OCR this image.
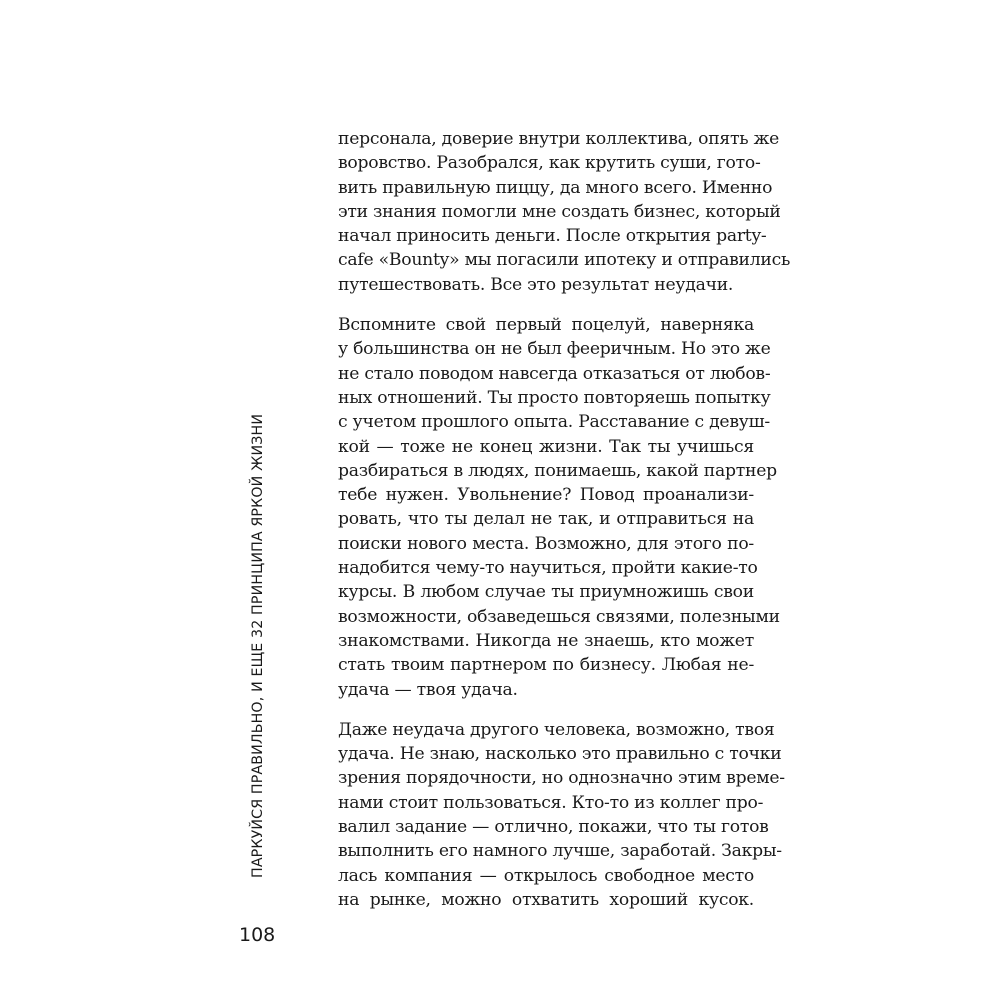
персонала, доверие внутри коллектива, опять же
воровство. Разобрался, как крутить суши, гото-
вить правильную пиццу, да много всего. Именно
эти знания помогли мне создать бизнес, который
начал приносить деньги. После открытия party-
cafe «Bounty» мы погасили ипотеку и отправились
путешествовать. Все это результат неудачи.

Вспомните свой первый поцелуй, наверняка
у большинства он не был фееричным. Но это же
не стало поводом навсегда отказаться от любов-
ных отношений. Ты просто повторяешь попытку
с учетом прошлого опыта. Расставание с девуш-
кой — тоже не конец жизни. Так ты учишься
разбираться в людях, понимаешь, какой партнер
тебе нужен. Увольнение? Повод проанализи-
ровать, что ты делал не так, и отправиться на
поиски нового места. Возможно, для этого по-
надобится чему-то научиться, пройти какие-то
курсы. В любом случае ты приумножишь свои
возможности, обзаведешься связями, полезными
знакомствами. Никогда не знаешь, кто может
стать твоим партнером по бизнесу. Любая не-
удача — твоя удача.

Даже неудача другого человека, возможно, твоя
удача. Не знаю, насколько это правильно с точки
зрения порядочности, но однозначно этим време-
нами стоит пользоваться. Кто-то из коллег про-
валил задание — отлично, покажи, что ты готов
выполнить его намного лучше, заработай. Закры-
лась компания — открылось свободное место
на рынке, можно отхватить хороший кусок.

ПАРКУЙСЯ ПРАВИЛЬНО, И ЕЩЕ 32 ПРИНЦИПА ЯРКОЙ ЖИЗНИ
108
